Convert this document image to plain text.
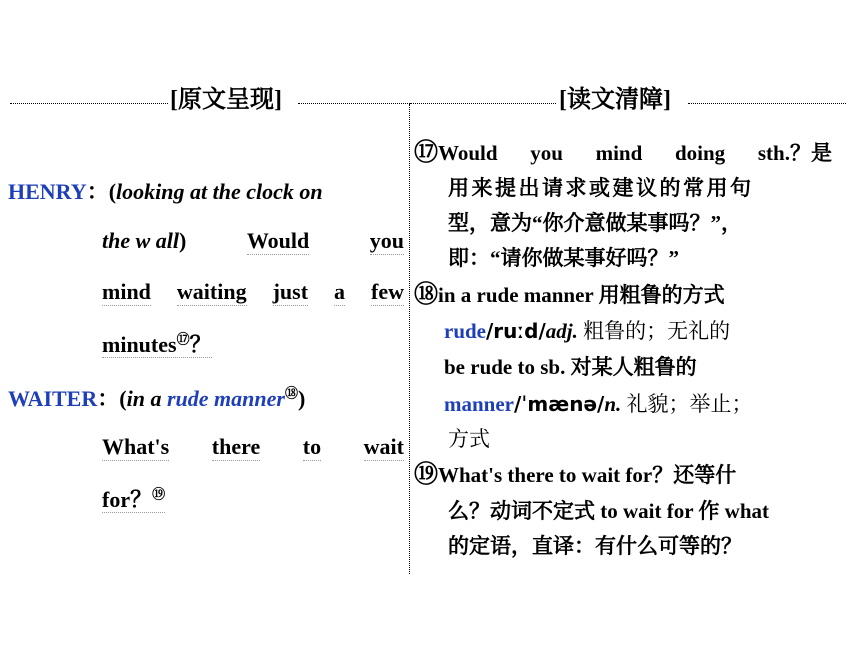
[原文呈现]	[读文清障]
HENRY：(looking at the clock on
the w all)	Would	you
mind waiting just a few
minutes⑰？
WAITER：(in a rude manner⑱)
What's there to wait
for？⑲
⑰Would you mind doing sth.？是
用来提出请求或建议的常用句
型，意为“你介意做某事吗？”，
即：“请你做某事好吗？”
⑱in a rude manner 用粗鲁的方式
rude/ruːd/adj. 粗鲁的；无礼的
be rude to sb. 对某人粗鲁的
manner/ˈmænə/n. 礼貌；举止；
方式
⑲What's there to wait for？还等什
么？动词不定式 to wait for 作 what
的定语，直译：有什么可等的？
